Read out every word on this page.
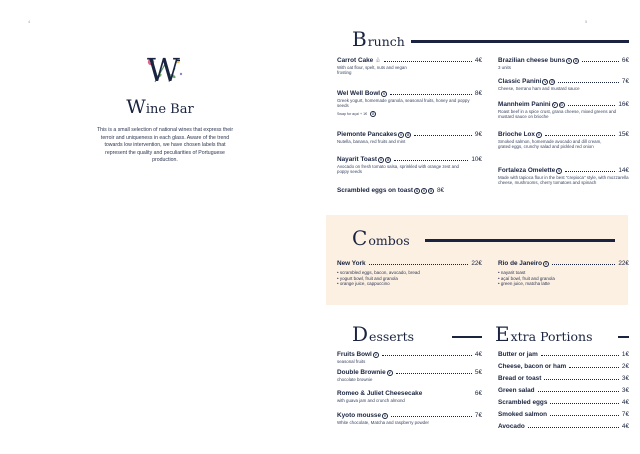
4	5
W
Wine Bar
This is a small selection of national wines that express their terroir and uniqueness in each glass. Aware of the trend towards low intervention, we have chosen labels that represent the quality and peculiarities of Portuguese production.
B runch
Carrot Cake ♧	4€
With oat flour, spelt, nuts and vegan frosting
Wel Well Bowl V	8€
Greek yogurt, homemade granola, seasonal fruits, honey and poppy seeds
Swap for açaí + 1€	G
Piemonte Pancakes V	G	9€
Nutella, banana, red fruits and mint
Nayarit Toast V	G	10€
Avocado on fresh tomato salsa, sprinkled with orange zest and poppy seeds
Scrambled eggs on toast S	V	G 8€
Brazilian cheese buns V	G	6€
3 units
Classic Panini V	G	7€
Cheese, Serrano ham and mustard sauce
Mannheim Panini V	G	16€
Roast beef in a spice crust, grana cheese, mixed greens and mustard sauce on brioche
Brioche Lox V	15€
Smoked salmon, homemade avocado and dill cream, grated eggs, crunchy salad and pickled red onion
Fortaleza Omelette V	14€
Made with tapioca flour in the best "crepioca" style, with mozzarella cheese, mushrooms, cherry tomatoes and spinach
C ombos
New York	22€
• scrambled eggs, bacon, avocado, bread
• yogurt bowl, fruit and granola
• orange juice, cappuccino
Rio de Janeiro V	22€
• nayarit toast
• açaí bowl, fruit and granola
• green juice, matcha latte
D esserts
Fruits Bowl V	4€
seasonal fruits
Double Brownie V	5€
chocolate brownie
Romeo & Juliet Cheesecake	6€
with guava jam and crunch almond
Kyoto mousse V	7€
White chocolate, Matcha and raspberry powder
E xtra Portions
Butter or jam	1€
Cheese, bacon or ham	2€
Bread or toast	3€
Green salad	3€
Scrambled eggs	4€
Smoked salmon	7€
Avocado	4€
